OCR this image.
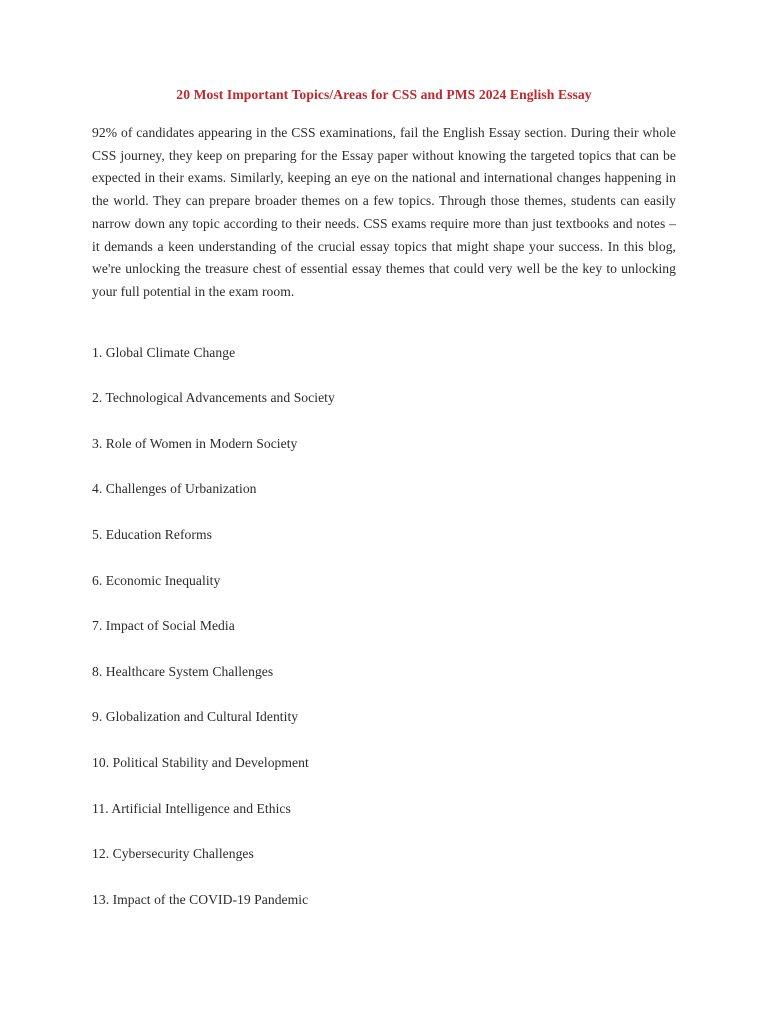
20 Most Important Topics/Areas for CSS and PMS 2024 English Essay

92% of candidates appearing in the CSS examinations, fail the English Essay section. During their whole CSS journey, they keep on preparing for the Essay paper without knowing the targeted topics that can be expected in their exams. Similarly, keeping an eye on the national and international changes happening in the world. They can prepare broader themes on a few topics. Through those themes, students can easily narrow down any topic according to their needs. CSS exams require more than just textbooks and notes – it demands a keen understanding of the crucial essay topics that might shape your success. In this blog, we're unlocking the treasure chest of essential essay themes that could very well be the key to unlocking your full potential in the exam room.

1. Global Climate Change
2. Technological Advancements and Society
3. Role of Women in Modern Society
4. Challenges of Urbanization
5. Education Reforms
6. Economic Inequality
7. Impact of Social Media
8. Healthcare System Challenges
9. Globalization and Cultural Identity
10. Political Stability and Development
11. Artificial Intelligence and Ethics
12. Cybersecurity Challenges
13. Impact of the COVID-19 Pandemic
